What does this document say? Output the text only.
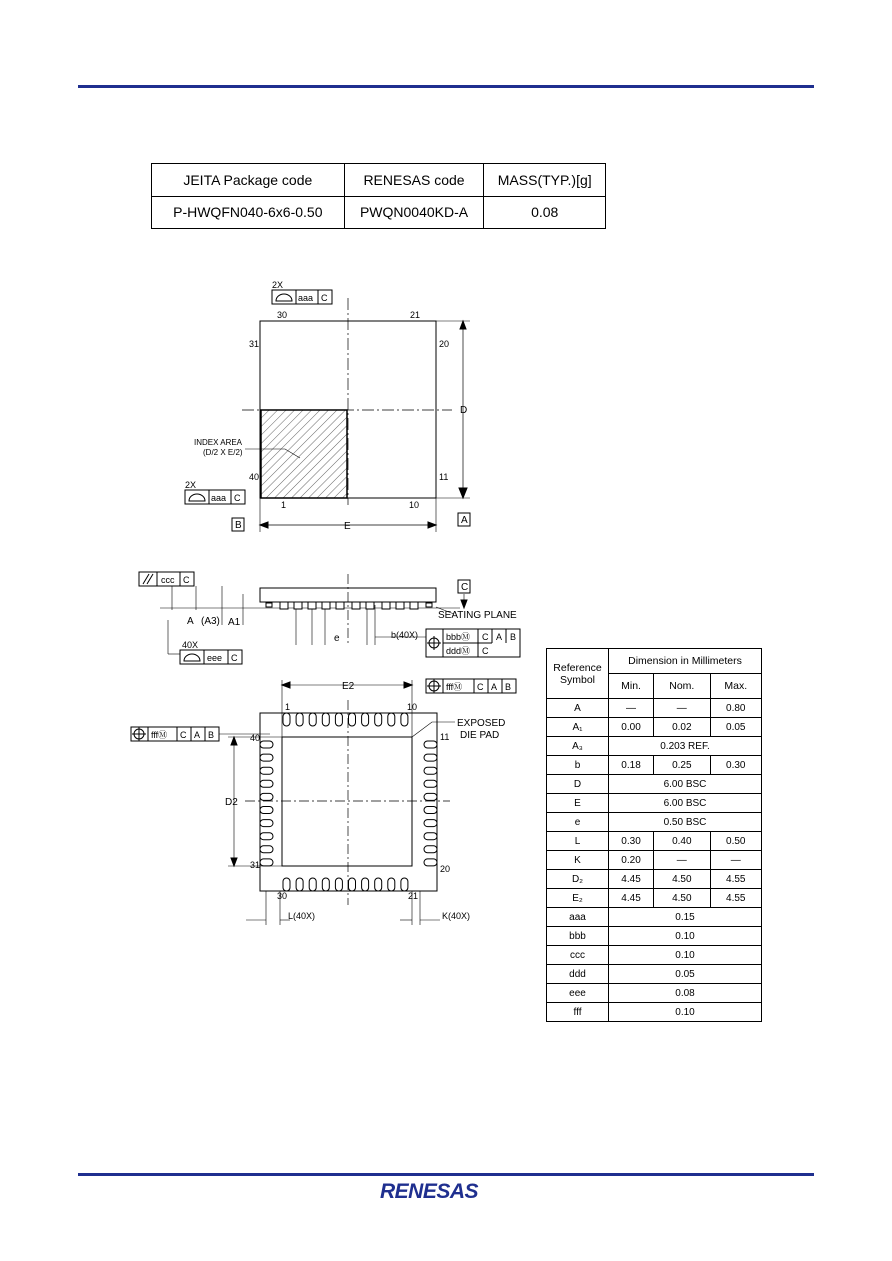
JEITA Package code	RENESAS code	MASS(TYP.)[g]
P-HWQFN040-6x6-0.50	PWQN0040KD-A	0.08
2X
aaa C
30	21
31	20
40	11
1	10
D
E
A
B
INDEX AREA
(D/2 X E/2)
2X
aaa C
ccc C
C
SEATING PLANE
A (A3) A1
e	b(40X)	bbbⓂ C A B
dddⓂ C
40X
eee C
E2	fffⓂ C A B
fffⓂ C A B
EXPOSED
DIE PAD
D2
1	10
40	11
31	20
30	21
L(40X)	K(40X)
Reference
Symbol	Dimension in Millimeters		
	Min.	Nom.	Max.
A	—	—	0.80
A₁	0.00	0.02	0.05
A₃	0.203 REF.		
b	0.18	0.25	0.30
D	6.00 BSC		
E	6.00 BSC		
e	0.50 BSC		
L	0.30	0.40	0.50
K	0.20	—	—
D₂	4.45	4.50	4.55
E₂	4.45	4.50	4.55
aaa	0.15		
bbb	0.10		
ccc	0.10		
ddd	0.05		
eee	0.08		
fff	0.10		
RENESAS
